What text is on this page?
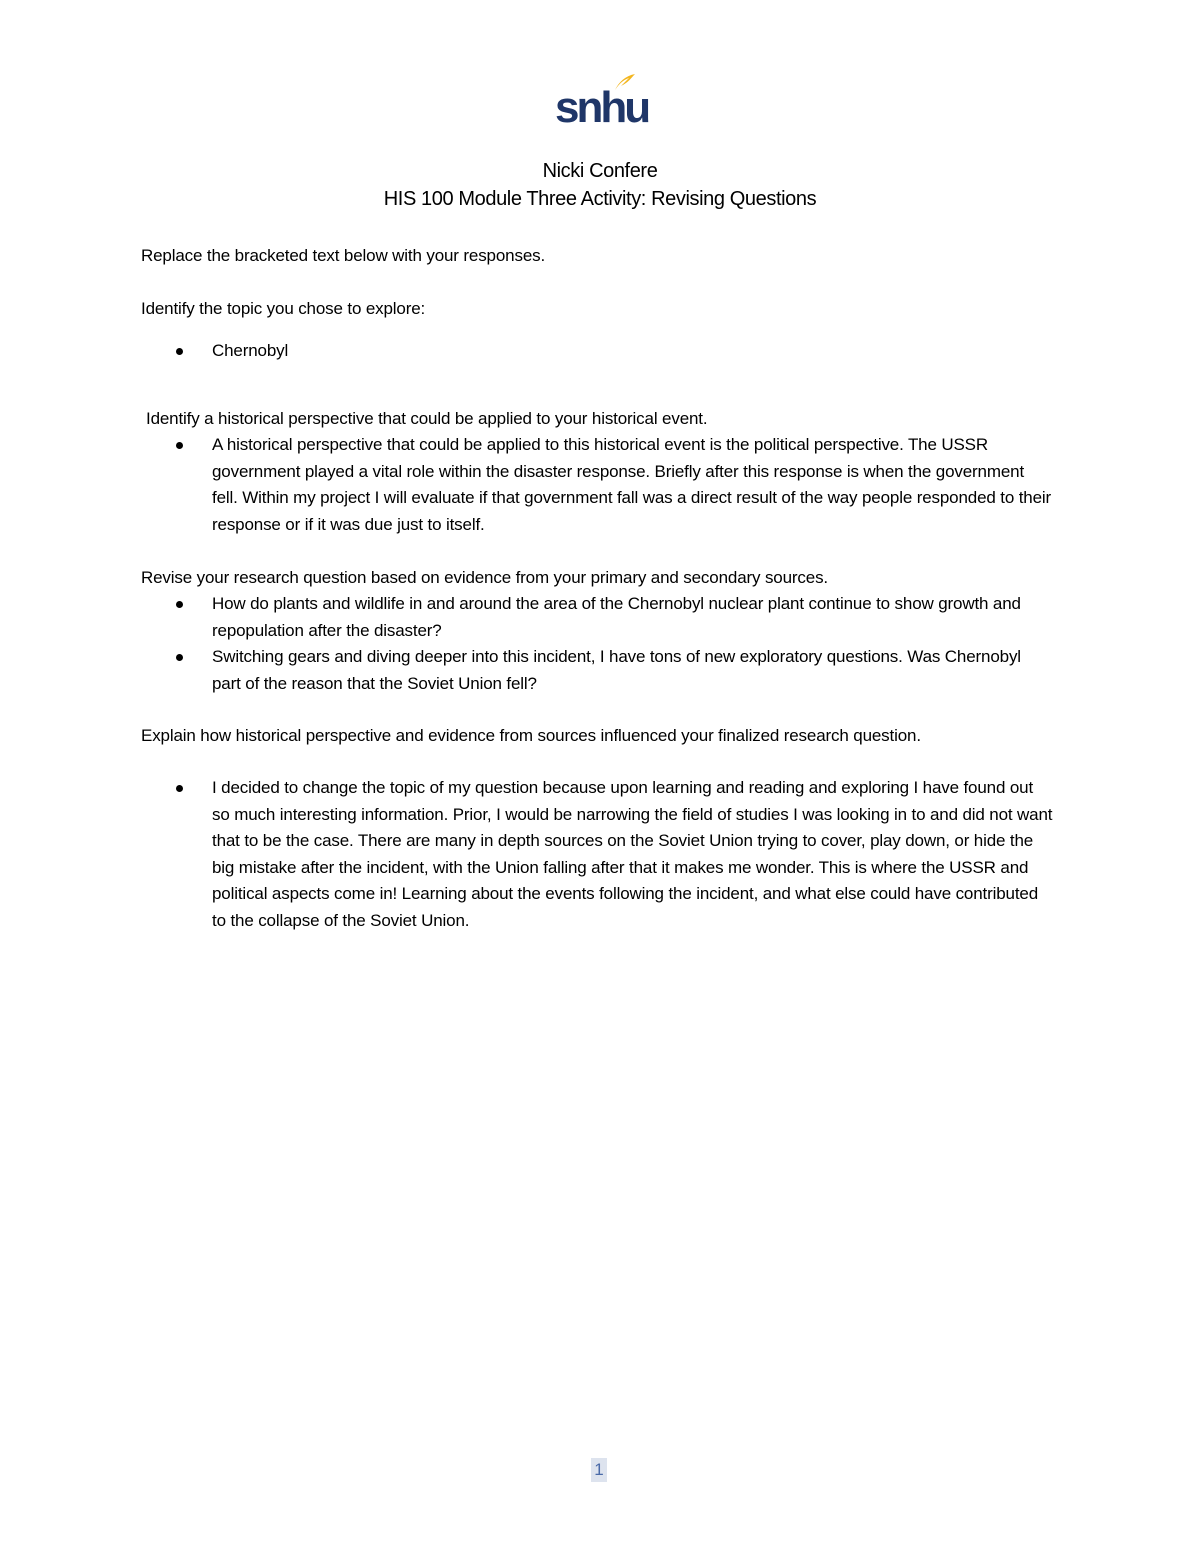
snhu
Nicki Confere
HIS 100 Module Three Activity: Revising Questions
Replace the bracketed text below with your responses.
Identify the topic you chose to explore:
Chernobyl
Identify a historical perspective that could be applied to your historical event.
A historical perspective that could be applied to this historical event is the political perspective. The USSR government played a vital role within the disaster response. Briefly after this response is when the government fell. Within my project I will evaluate if that government fall was a direct result of the way people responded to their response or if it was due just to itself.
Revise your research question based on evidence from your primary and secondary sources.
How do plants and wildlife in and around the area of the Chernobyl nuclear plant continue to show growth and repopulation after the disaster?
Switching gears and diving deeper into this incident, I have tons of new exploratory questions. Was Chernobyl part of the reason that the Soviet Union fell?
Explain how historical perspective and evidence from sources influenced your finalized research question.
I decided to change the topic of my question because upon learning and reading and exploring I have found out so much interesting information. Prior, I would be narrowing the field of studies I was looking in to and did not want that to be the case. There are many in depth sources on the Soviet Union trying to cover, play down, or hide the big mistake after the incident, with the Union falling after that it makes me wonder. This is where the USSR and political aspects come in! Learning about the events following the incident, and what else could have contributed to the collapse of the Soviet Union.
1
